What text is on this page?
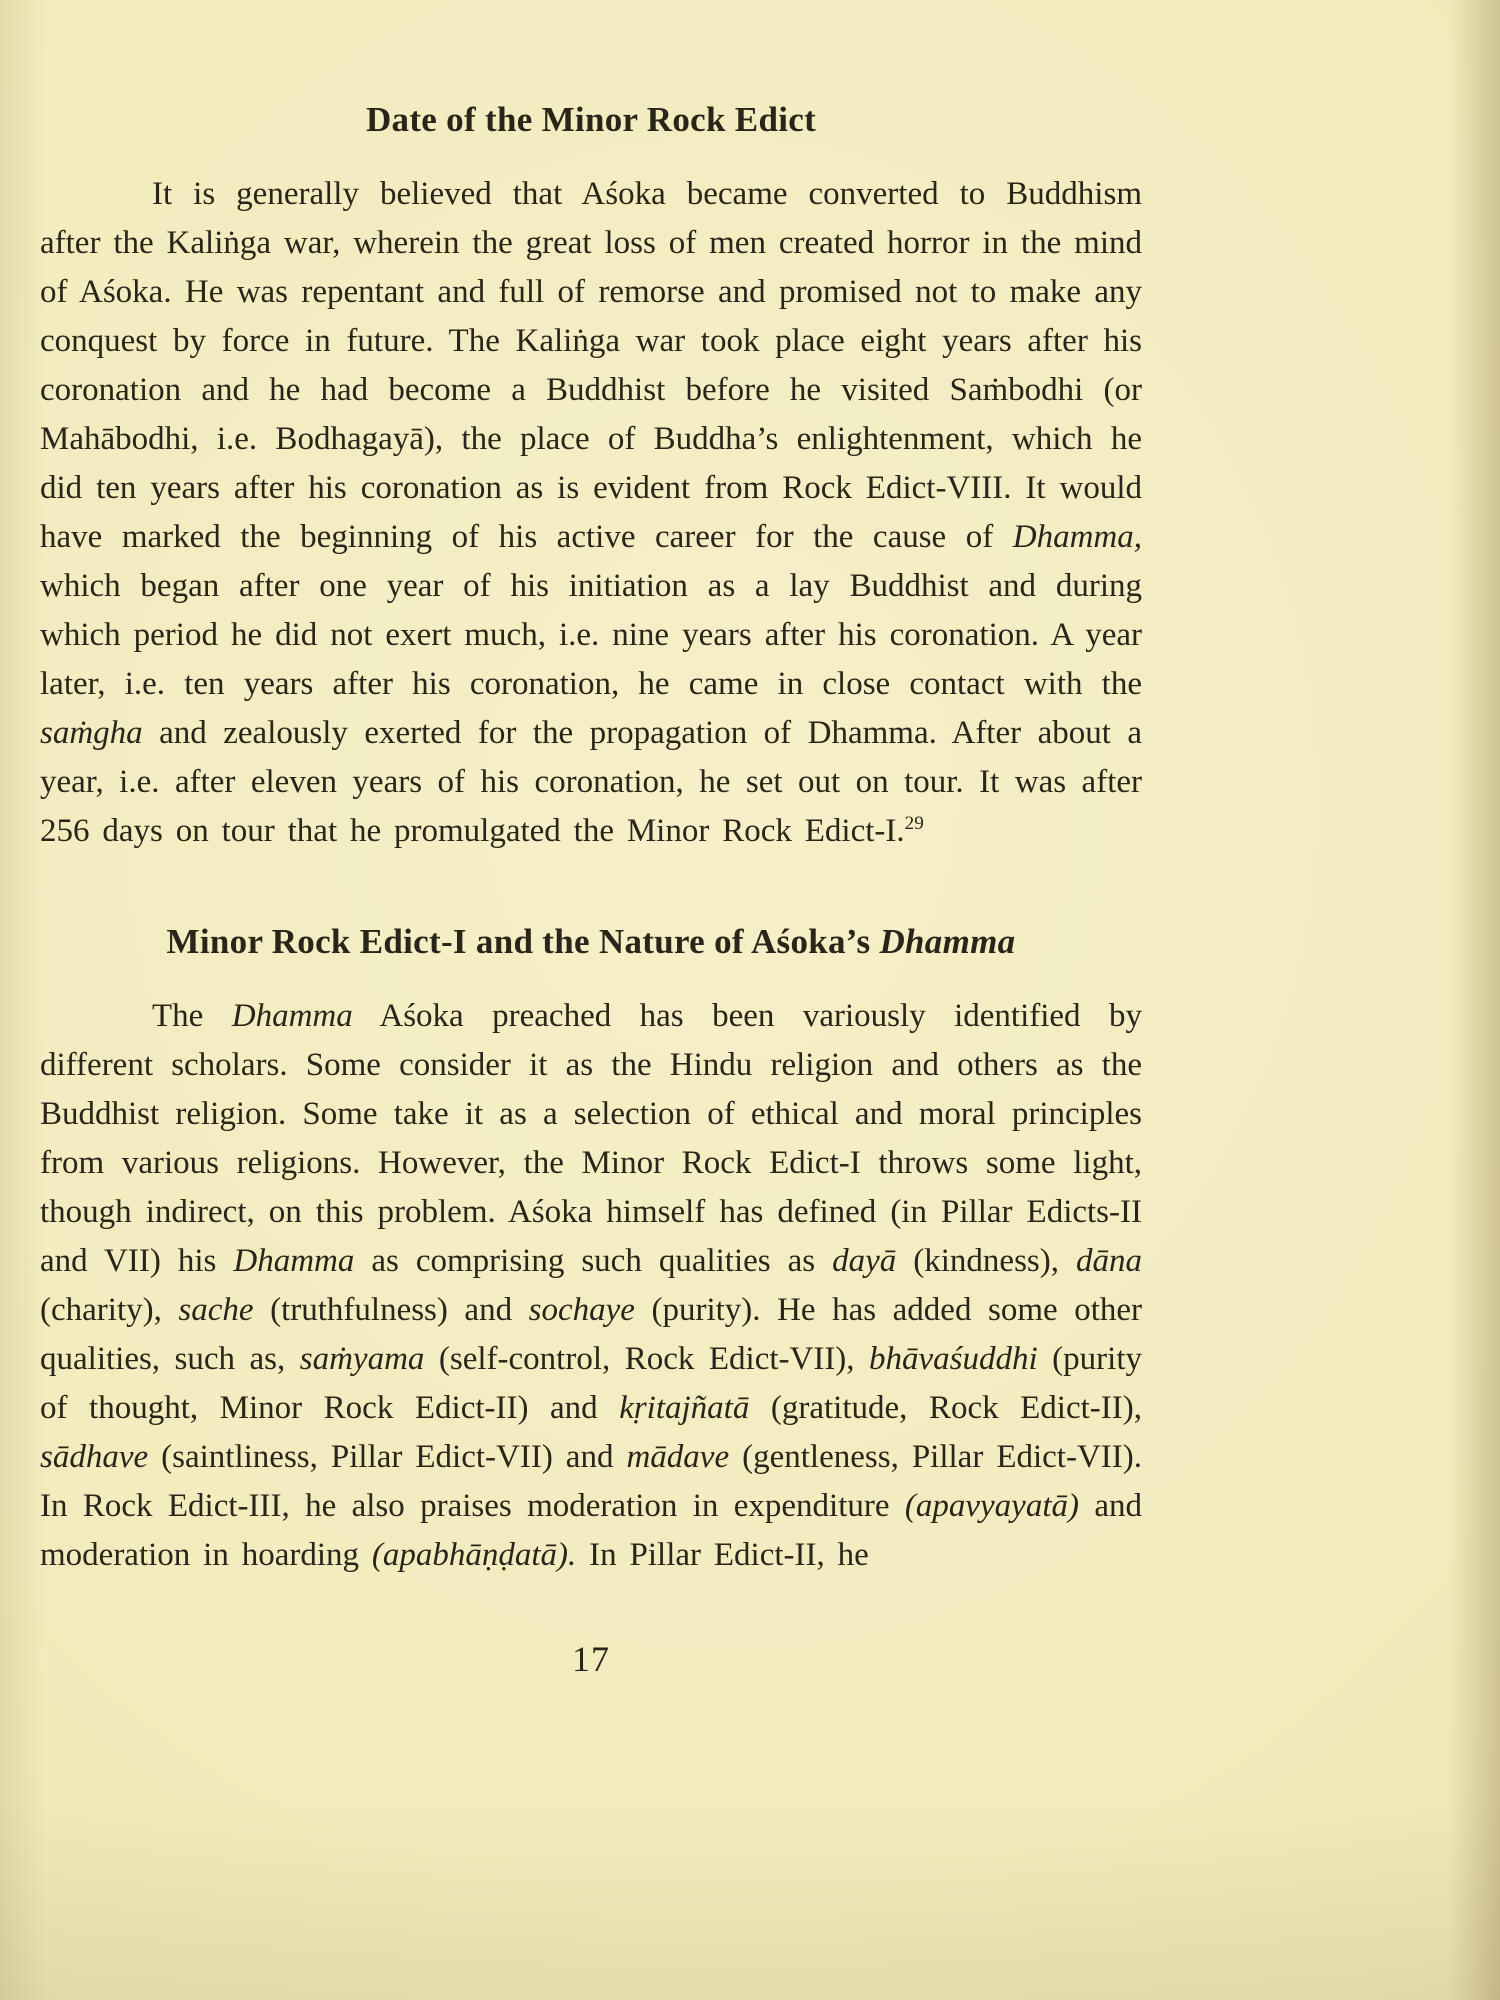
Date of the Minor Rock Edict

It is generally believed that Aśoka became converted to Buddhism after the Kaliṅga war, wherein the great loss of men created horror in the mind of Aśoka. He was repentant and full of remorse and promised not to make any conquest by force in future. The Kaliṅga war took place eight years after his coronation and he had become a Buddhist before he visited Saṁbodhi (or Mahābodhi, i.e. Bodhagayā), the place of Buddha’s enlightenment, which he did ten years after his coronation as is evident from Rock Edict-VIII. It would have marked the beginning of his active career for the cause of Dhamma, which began after one year of his initiation as a lay Buddhist and during which period he did not exert much, i.e. nine years after his coronation. A year later, i.e. ten years after his coronation, he came in close contact with the saṁgha and zealously exerted for the propagation of Dhamma. After about a year, i.e. after eleven years of his coronation, he set out on tour. It was after 256 days on tour that he promulgated the Minor Rock Edict-I.$^{29}$

Minor Rock Edict-I and the Nature of Aśoka’s Dhamma

The Dhamma Aśoka preached has been variously identified by different scholars. Some consider it as the Hindu religion and others as the Buddhist religion. Some take it as a selection of ethical and moral principles from various religions. However, the Minor Rock Edict-I throws some light, though indirect, on this problem. Aśoka himself has defined (in Pillar Edicts-II and VII) his Dhamma as comprising such qualities as dayā (kindness), dāna (charity), sache (truthfulness) and sochaye (purity). He has added some other qualities, such as, saṁyama (self-control, Rock Edict-VII), bhāvaśuddhi (purity of thought, Minor Rock Edict-II) and kṛitajñatā (gratitude, Rock Edict-II), sādhave (saintliness, Pillar Edict-VII) and mādave (gentleness, Pillar Edict-VII). In Rock Edict-III, he also praises moderation in expenditure (apavyayatā) and moderation in hoarding (apabhāṇḍatā). In Pillar Edict-II, he

17
